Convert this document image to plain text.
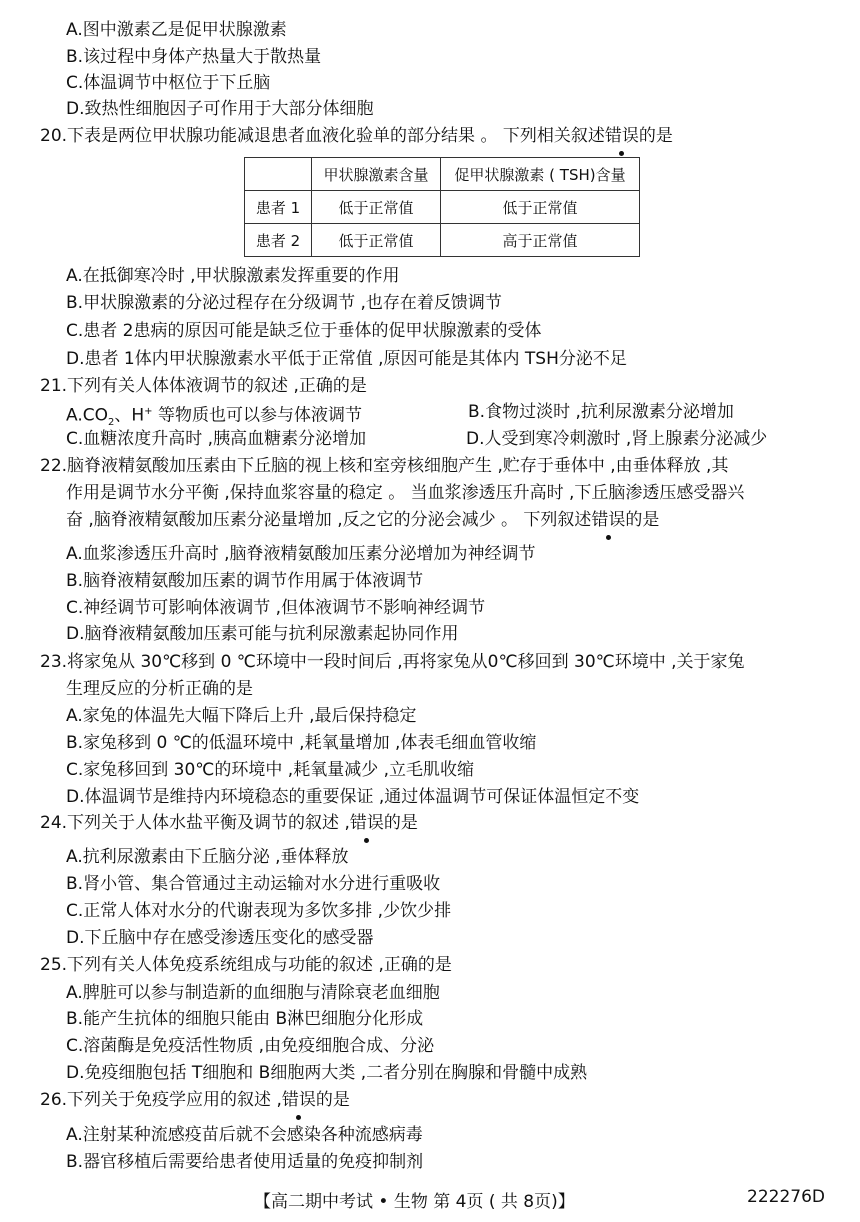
A.图中激素乙是促甲状腺激素
B.该过程中身体产热量大于散热量
C.体温调节中枢位于下丘脑
D.致热性细胞因子可作用于大部分体细胞
20.下表是两位甲状腺功能减退患者血液化验单的部分结果 。 下列相关叙述错误的是
	甲状腺激素含量	促甲状腺激素 ( TSH)含量
患者 1	低于正常值	低于正常值
患者 2	低于正常值	高于正常值
A.在抵御寒冷时 ,甲状腺激素发挥重要的作用
B.甲状腺激素的分泌过程存在分级调节 ,也存在着反馈调节
C.患者 2患病的原因可能是缺乏位于垂体的促甲状腺激素的受体
D.患者 1体内甲状腺激素水平低于正常值 ,原因可能是其体内 TSH分泌不足
21.下列有关人体体液调节的叙述 ,正确的是
$A.CO_2$、H+ 等物质也可以参与体液调节	B.食物过淡时 ,抗利尿激素分泌增加
C.血糖浓度升高时 ,胰高血糖素分泌增加	D.人受到寒冷刺激时 ,肾上腺素分泌减少
22.脑脊液精氨酸加压素由下丘脑的视上核和室旁核细胞产生 ,贮存于垂体中 ,由垂体释放 ,其
作用是调节水分平衡 ,保持血浆容量的稳定 。 当血浆渗透压升高时 ,下丘脑渗透压感受器兴
奋 ,脑脊液精氨酸加压素分泌量增加 ,反之它的分泌会减少 。 下列叙述错误的是
A.血浆渗透压升高时 ,脑脊液精氨酸加压素分泌增加为神经调节
B.脑脊液精氨酸加压素的调节作用属于体液调节
C.神经调节可影响体液调节 ,但体液调节不影响神经调节
D.脑脊液精氨酸加压素可能与抗利尿激素起协同作用
23.将家兔从 30℃移到 0 ℃环境中一段时间后 ,再将家兔从0℃移回到 30℃环境中 ,关于家兔
生理反应的分析正确的是
A.家兔的体温先大幅下降后上升 ,最后保持稳定
B.家兔移到 0 ℃的低温环境中 ,耗氧量增加 ,体表毛细血管收缩
C.家兔移回到 30℃的环境中 ,耗氧量减少 ,立毛肌收缩
D.体温调节是维持内环境稳态的重要保证 ,通过体温调节可保证体温恒定不变
24.下列关于人体水盐平衡及调节的叙述 ,错误的是
A.抗利尿激素由下丘脑分泌 ,垂体释放
B.肾小管、集合管通过主动运输对水分进行重吸收
C.正常人体对水分的代谢表现为多饮多排 ,少饮少排
D.下丘脑中存在感受渗透压变化的感受器
25.下列有关人体免疫系统组成与功能的叙述 ,正确的是
A.脾脏可以参与制造新的血细胞与清除衰老血细胞
B.能产生抗体的细胞只能由 B淋巴细胞分化形成
C.溶菌酶是免疫活性物质 ,由免疫细胞合成、分泌
D.免疫细胞包括 T细胞和 B细胞两大类 ,二者分别在胸腺和骨髓中成熟
26.下列关于免疫学应用的叙述 ,错误的是
A.注射某种流感疫苗后就不会感染各种流感病毒
B.器官移植后需要给患者使用适量的免疫抑制剂
【高二期中考试 • 生物 第 4页 ( 共 8页)】	222276D
